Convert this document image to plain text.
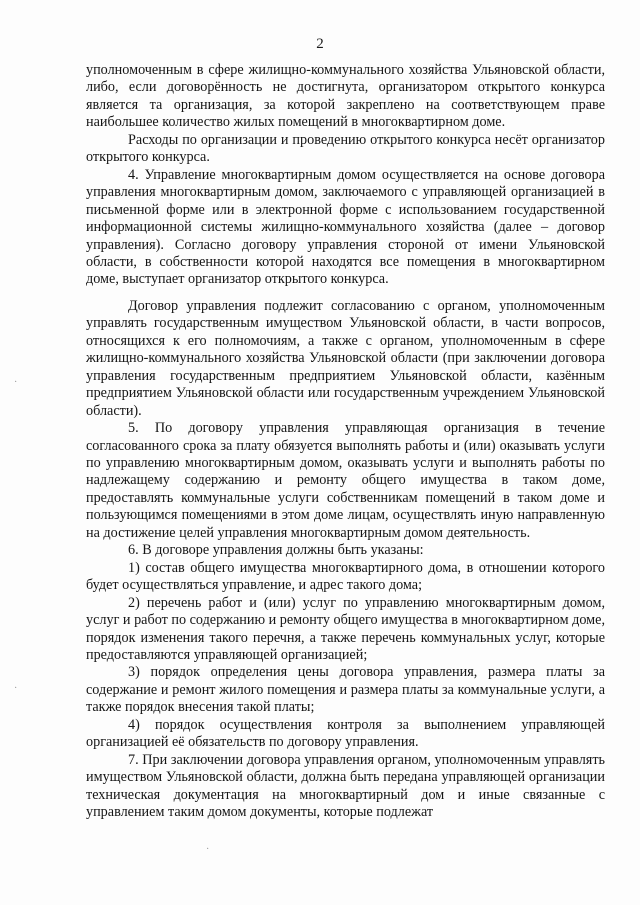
2

уполномоченным в сфере жилищно-коммунального хозяйства Ульяновской области, либо, если договорённость не достигнута, организатором открытого конкурса является та организация, за которой закреплено на соответствующем праве наибольшее количество жилых помещений в многоквартирном доме.

Расходы по организации и проведению открытого конкурса несёт организатор открытого конкурса.

4. Управление многоквартирным домом осуществляется на основе договора управления многоквартирным домом, заключаемого с управляющей организацией в письменной форме или в электронной форме с использованием государственной информационной системы жилищно-коммунального хозяйства (далее – договор управления). Согласно договору управления стороной от имени Ульяновской области, в собственности которой находятся все помещения в многоквартирном доме, выступает организатор открытого конкурса.

Договор управления подлежит согласованию с органом, уполномоченным управлять государственным имуществом Ульяновской области, в части вопросов, относящихся к его полномочиям, а также с органом, уполномоченным в сфере жилищно-коммунального хозяйства Ульяновской области (при заключении договора управления государственным предприятием Ульяновской области, казённым предприятием Ульяновской области или государственным учреждением Ульяновской области).

5. По договору управления управляющая организация в течение согласованного срока за плату обязуется выполнять работы и (или) оказывать услуги по управлению многоквартирным домом, оказывать услуги и выполнять работы по надлежащему содержанию и ремонту общего имущества в таком доме, предоставлять коммунальные услуги собственникам помещений в таком доме и пользующимся помещениями в этом доме лицам, осуществлять иную направленную на достижение целей управления многоквартирным домом деятельность.

6. В договоре управления должны быть указаны:

1) состав общего имущества многоквартирного дома, в отношении которого будет осуществляться управление, и адрес такого дома;

2) перечень работ и (или) услуг по управлению многоквартирным домом, услуг и работ по содержанию и ремонту общего имущества в многоквартирном доме, порядок изменения такого перечня, а также перечень коммунальных услуг, которые предоставляются управляющей организацией;

3) порядок определения цены договора управления, размера платы за содержание и ремонт жилого помещения и размера платы за коммунальные услуги, а также порядок внесения такой платы;

4) порядок осуществления контроля за выполнением управляющей организацией её обязательств по договору управления.

7. При заключении договора управления органом, уполномоченным управлять имуществом Ульяновской области, должна быть передана управляющей организации техническая документация на многоквартирный дом и иные связанные с управлением таким домом документы, которые подлежат

·
·
·
